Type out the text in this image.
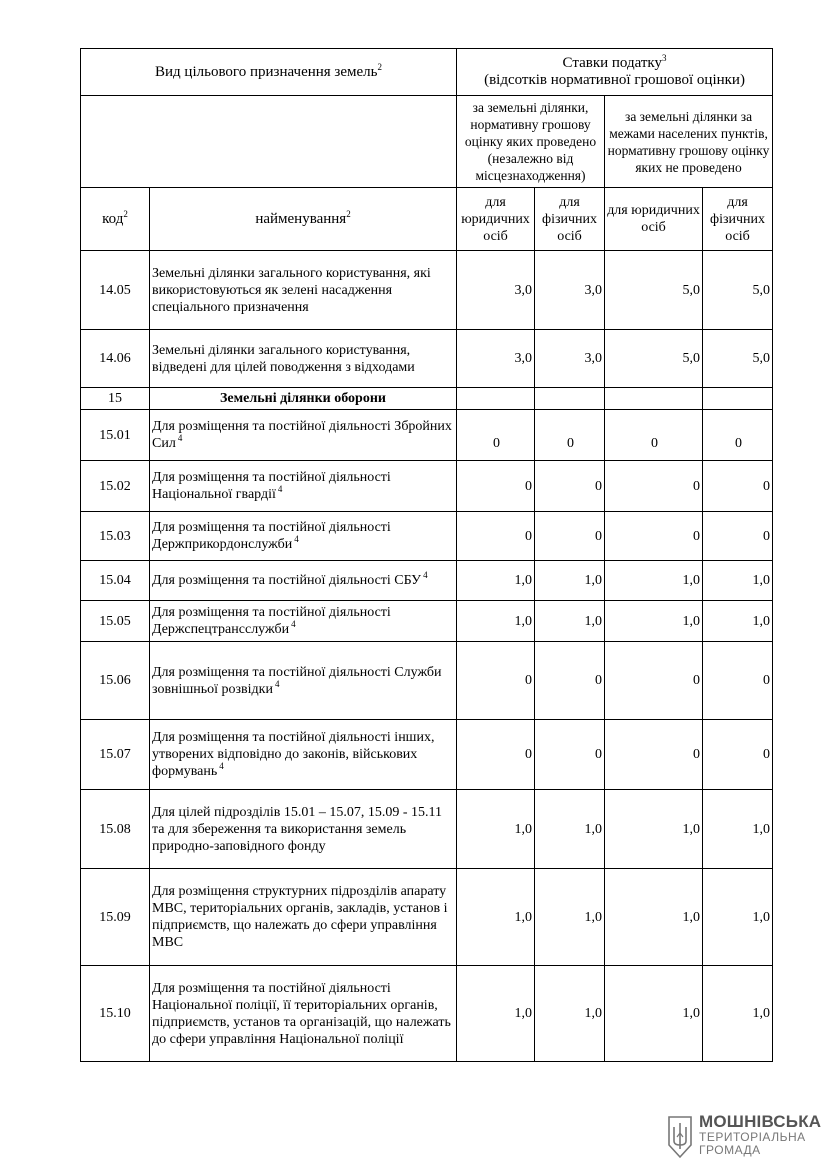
Вид цільового призначення земель$^2$		Ставки податку$^3$
(відсотків нормативної грошової оцінки)			
		за земельні ділянки, нормативну грошову оцінку яких проведено (незалежно від місцезнаходження)		за земельні ділянки за межами населених пунктів, нормативну грошову оцінку яких не проведено	
код$^2$	найменування$^2$	для юридичних осіб	для фізичних осіб	для юридичних осіб	для фізичних осіб
14.05	Земельні ділянки загального користування, які використовуються як зелені насадження спеціального призначення	3,0	3,0	5,0	5,0
14.06	Земельні ділянки загального користування, відведені для цілей поводження з відходами	3,0	3,0	5,0	5,0
15	Земельні ділянки оборони				
15.01	Для розміщення та постійної діяльності Збройних Сил $^4$	0	0	0	0
15.02	Для розміщення та постійної діяльності Національної гвардії $^4$	0	0	0	0
15.03	Для розміщення та постійної діяльності Держприкордонслужби $^4$	0	0	0	0
15.04	Для розміщення та постійної діяльності СБУ $^4$	1,0	1,0	1,0	1,0
15.05	Для розміщення та постійної діяльності Держспецтрансслужби $^4$	1,0	1,0	1,0	1,0
15.06	Для розміщення та постійної діяльності Служби зовнішньої розвідки $^4$	0	0	0	0
15.07	Для розміщення та постійної діяльності інших, утворених відповідно до законів, військових формувань $^4$	0	0	0	0
15.08	Для цілей підрозділів 15.01 – 15.07, 15.09 - 15.11 та для збереження та використання земель природно-заповідного фонду	1,0	1,0	1,0	1,0
15.09	Для розміщення структурних підрозділів апарату МВС, територіальних органів, закладів, установ і підприємств, що належать до сфери управління МВС	1,0	1,0	1,0	1,0
15.10	Для розміщення та постійної діяльності Національної поліції, її територіальних органів, підприємств, установ та організацій, що належать до сфери управління Національної поліції	1,0	1,0	1,0	1,0
МОШНІВСЬКА
ТЕРИТОРІАЛЬНА
ГРОМАДА
